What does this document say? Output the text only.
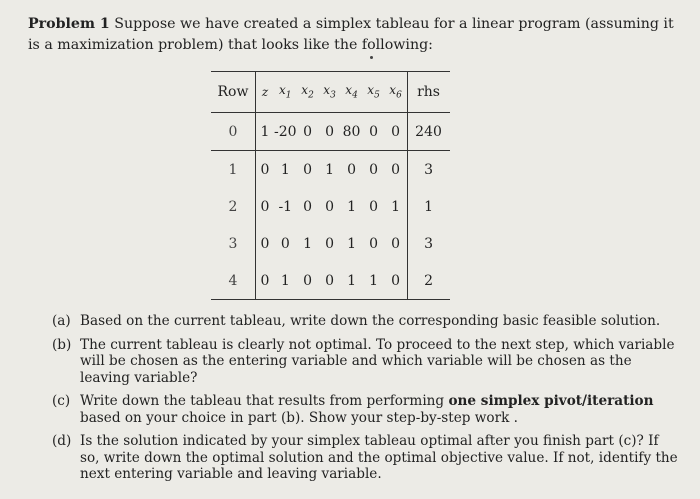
Problem 1 Suppose we have created a simplex tableau for a linear program (assuming it is a maximization problem) that looks like the following:
Row	z	$x_1$	$x_2$	$x_3$	$x_4$	$x_5$	$x_6$	rhs
0	1	-20	0	0	80	0	0	240
1	0	1	0	1	0	0	0	3
2	0	-1	0	0	1	0	1	1
3	0	0	1	0	1	0	0	3
4	0	1	0	0	1	1	0	2
(a) Based on the current tableau, write down the corresponding basic feasible solution.
(b) The current tableau is clearly not optimal. To proceed to the next step, which variable will be chosen as the entering variable and which variable will be chosen as the leaving variable?
(c) Write down the tableau that results from performing one simplex pivot/iteration based on your choice in part (b). Show your step-by-step work .
(d) Is the solution indicated by your simplex tableau optimal after you finish part (c)? If so, write down the optimal solution and the optimal objective value. If not, identify the next entering variable and leaving variable.
